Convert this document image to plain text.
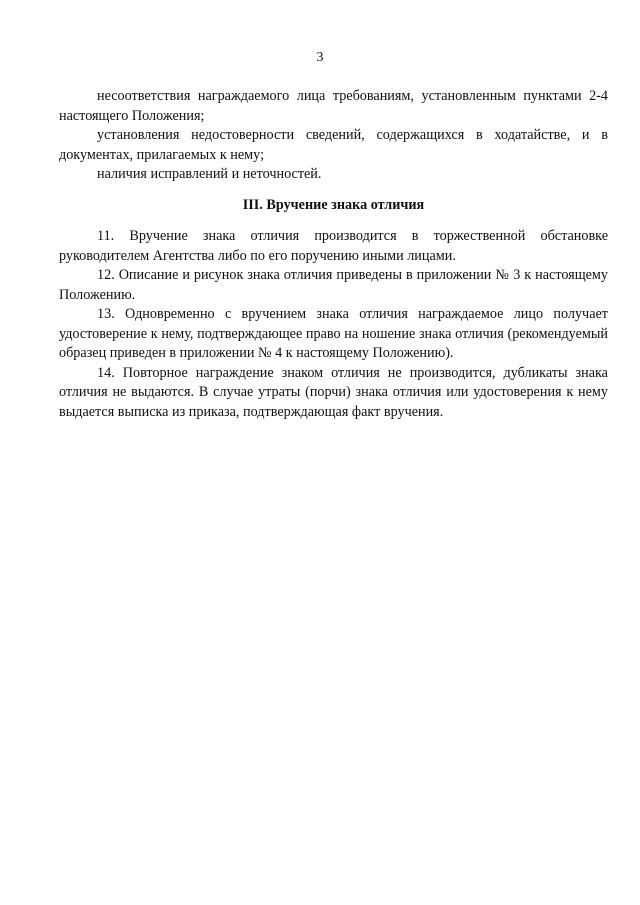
3

несоответствия награждаемого лица требованиям, установленным пунктами 2-4 настоящего Положения;

установления недостоверности сведений, содержащихся в ходатайстве, и в документах, прилагаемых к нему;

наличия исправлений и неточностей.

III. Вручение знака отличия

11. Вручение знака отличия производится в торжественной обстановке руководителем Агентства либо по его поручению иными лицами.

12. Описание и рисунок знака отличия приведены в приложении № 3 к настоящему Положению.

13. Одновременно с вручением знака отличия награждаемое лицо получает удостоверение к нему, подтверждающее право на ношение знака отличия (рекомендуемый образец приведен в приложении № 4 к настоящему Положению).

14. Повторное награждение знаком отличия не производится, дубликаты знака отличия не выдаются. В случае утраты (порчи) знака отличия или удостоверения к нему выдается выписка из приказа, подтверждающая факт вручения.
